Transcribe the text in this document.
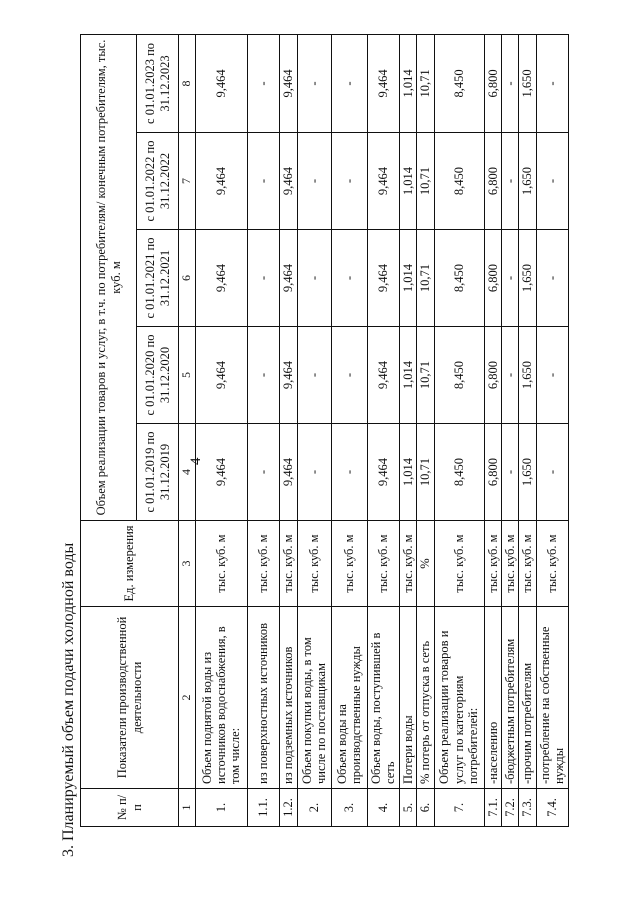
4
3. Планируемый объем подачи холодной воды	№ п/п	Показатели производственной деятельности	Ед. измерения	Объем реализации товаров и услуг, в т.ч. по потребителям/ конечным потребителям, тыс. куб. м				
			с 01.01.2019 по 31.12.2019	с 01.01.2020 по 31.12.2020	с 01.01.2021 по 31.12.2021	с 01.01.2022 по 31.12.2022	с 01.01.2023 по 31.12.2023
1	2	3	4	5	6	7	8
1.	Объем поднятой воды из источников водоснабжения, в том числе:	тыс. куб. м	9,464	9,464	9,464	9,464	9,464
1.1.	из поверхностных источников	тыс. куб. м	-	-	-	-	-
1.2.	из подземных источников	тыс. куб. м	9,464	9,464	9,464	9,464	9,464
2.	Объем покупки воды, в том числе по поставщикам	тыс. куб. м	-	-	-	-	-
3.	Объем воды на производственные нужды	тыс. куб. м	-	-	-	-	-
4.	Объем воды, поступившей в сеть	тыс. куб. м	9,464	9,464	9,464	9,464	9,464
5.	Потери воды	тыс. куб. м	1,014	1,014	1,014	1,014	1,014
6.	% потерь от отпуска в сеть	%	10,71	10,71	10,71	10,71	10,71
7.	Объем реализации товаров и услуг по категориям потребителей:	тыс. куб. м	8,450	8,450	8,450	8,450	8,450
7.1.	-населению	тыс. куб. м	6,800	6,800	6,800	6,800	6,800
7.2.	-бюджетным потребителям	тыс. куб. м	-	-	-	-	-
7.3.	-прочим потребителям	тыс. куб. м	1,650	1,650	1,650	1,650	1,650
7.4.	-потребление на собственные нужды	тыс. куб. м	-	-	-	-	-
